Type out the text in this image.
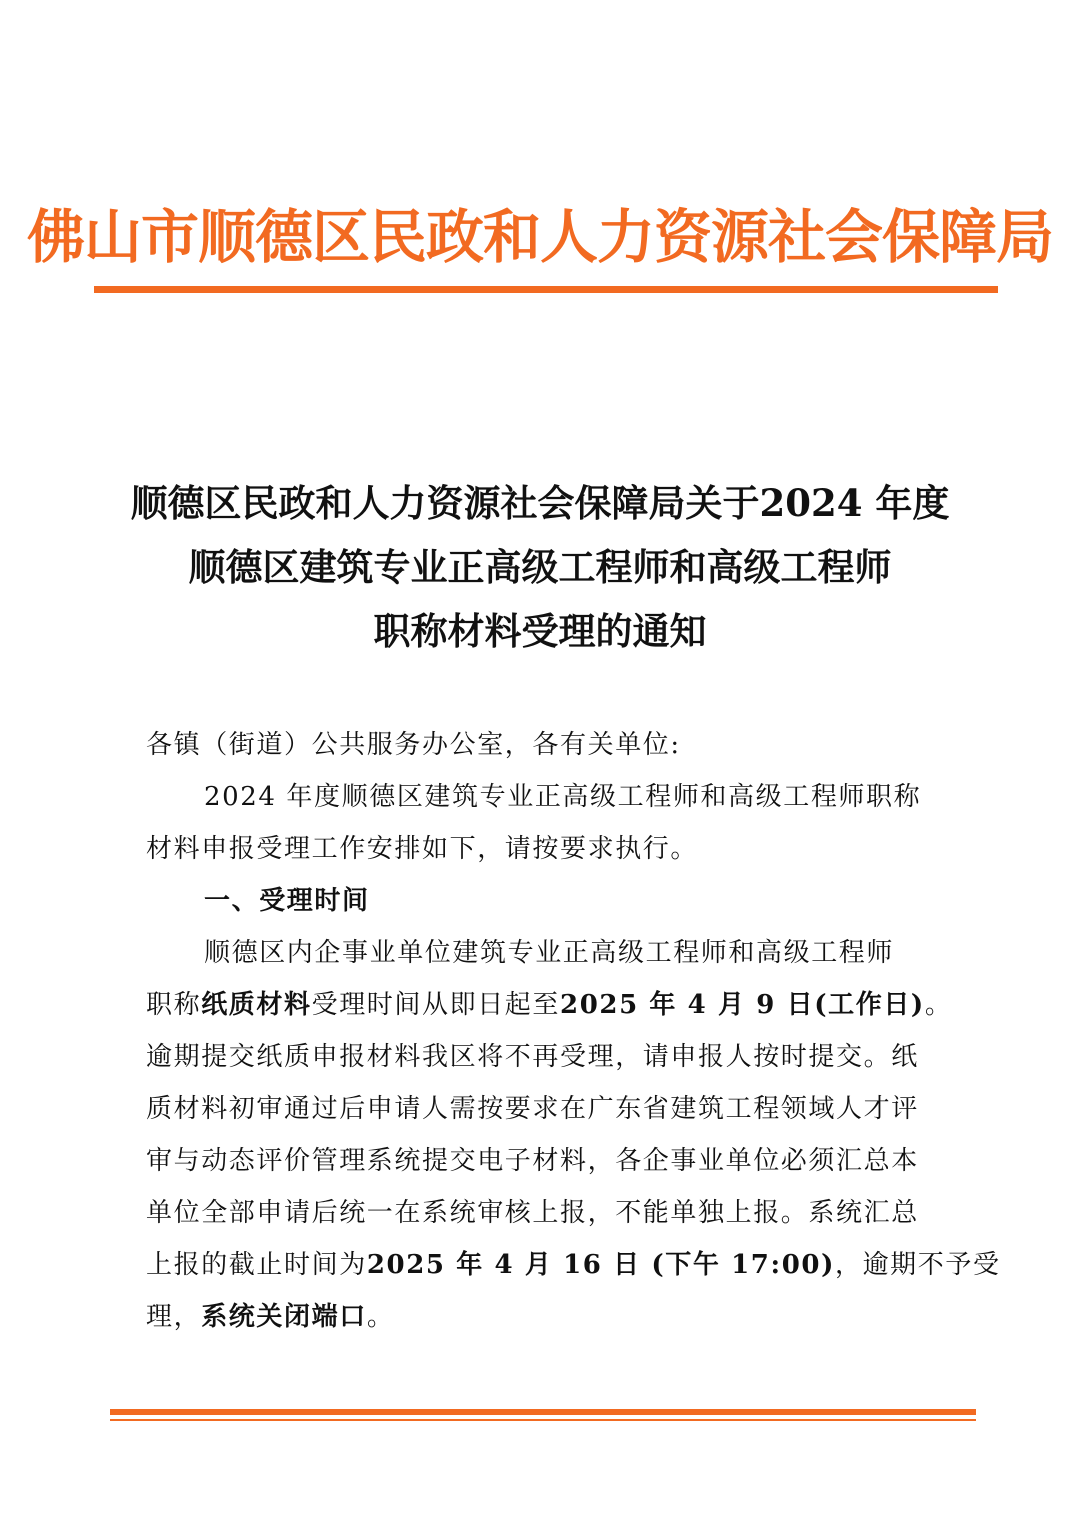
佛山市顺德区民政和人力资源社会保障局
顺德区民政和人力资源社会保障局关于2024 年度
顺德区建筑专业正高级工程师和高级工程师
职称材料受理的通知
各镇（街道）公共服务办公室，各有关单位:
2024 年度顺德区建筑专业正高级工程师和高级工程师职称
材料申报受理工作安排如下，请按要求执行。
一、受理时间
顺德区内企事业单位建筑专业正高级工程师和高级工程师
职称纸质材料受理时间从即日起至2025 年 4 月 9 日(工作日)。
逾期提交纸质申报材料我区将不再受理，请申报人按时提交。纸
质材料初审通过后申请人需按要求在广东省建筑工程领域人才评
审与动态评价管理系统提交电子材料，各企事业单位必须汇总本
单位全部申请后统一在系统审核上报，不能单独上报。系统汇总
上报的截止时间为2025 年 4 月 16 日 (下午 17:00)，逾期不予受
理，系统关闭端口。
